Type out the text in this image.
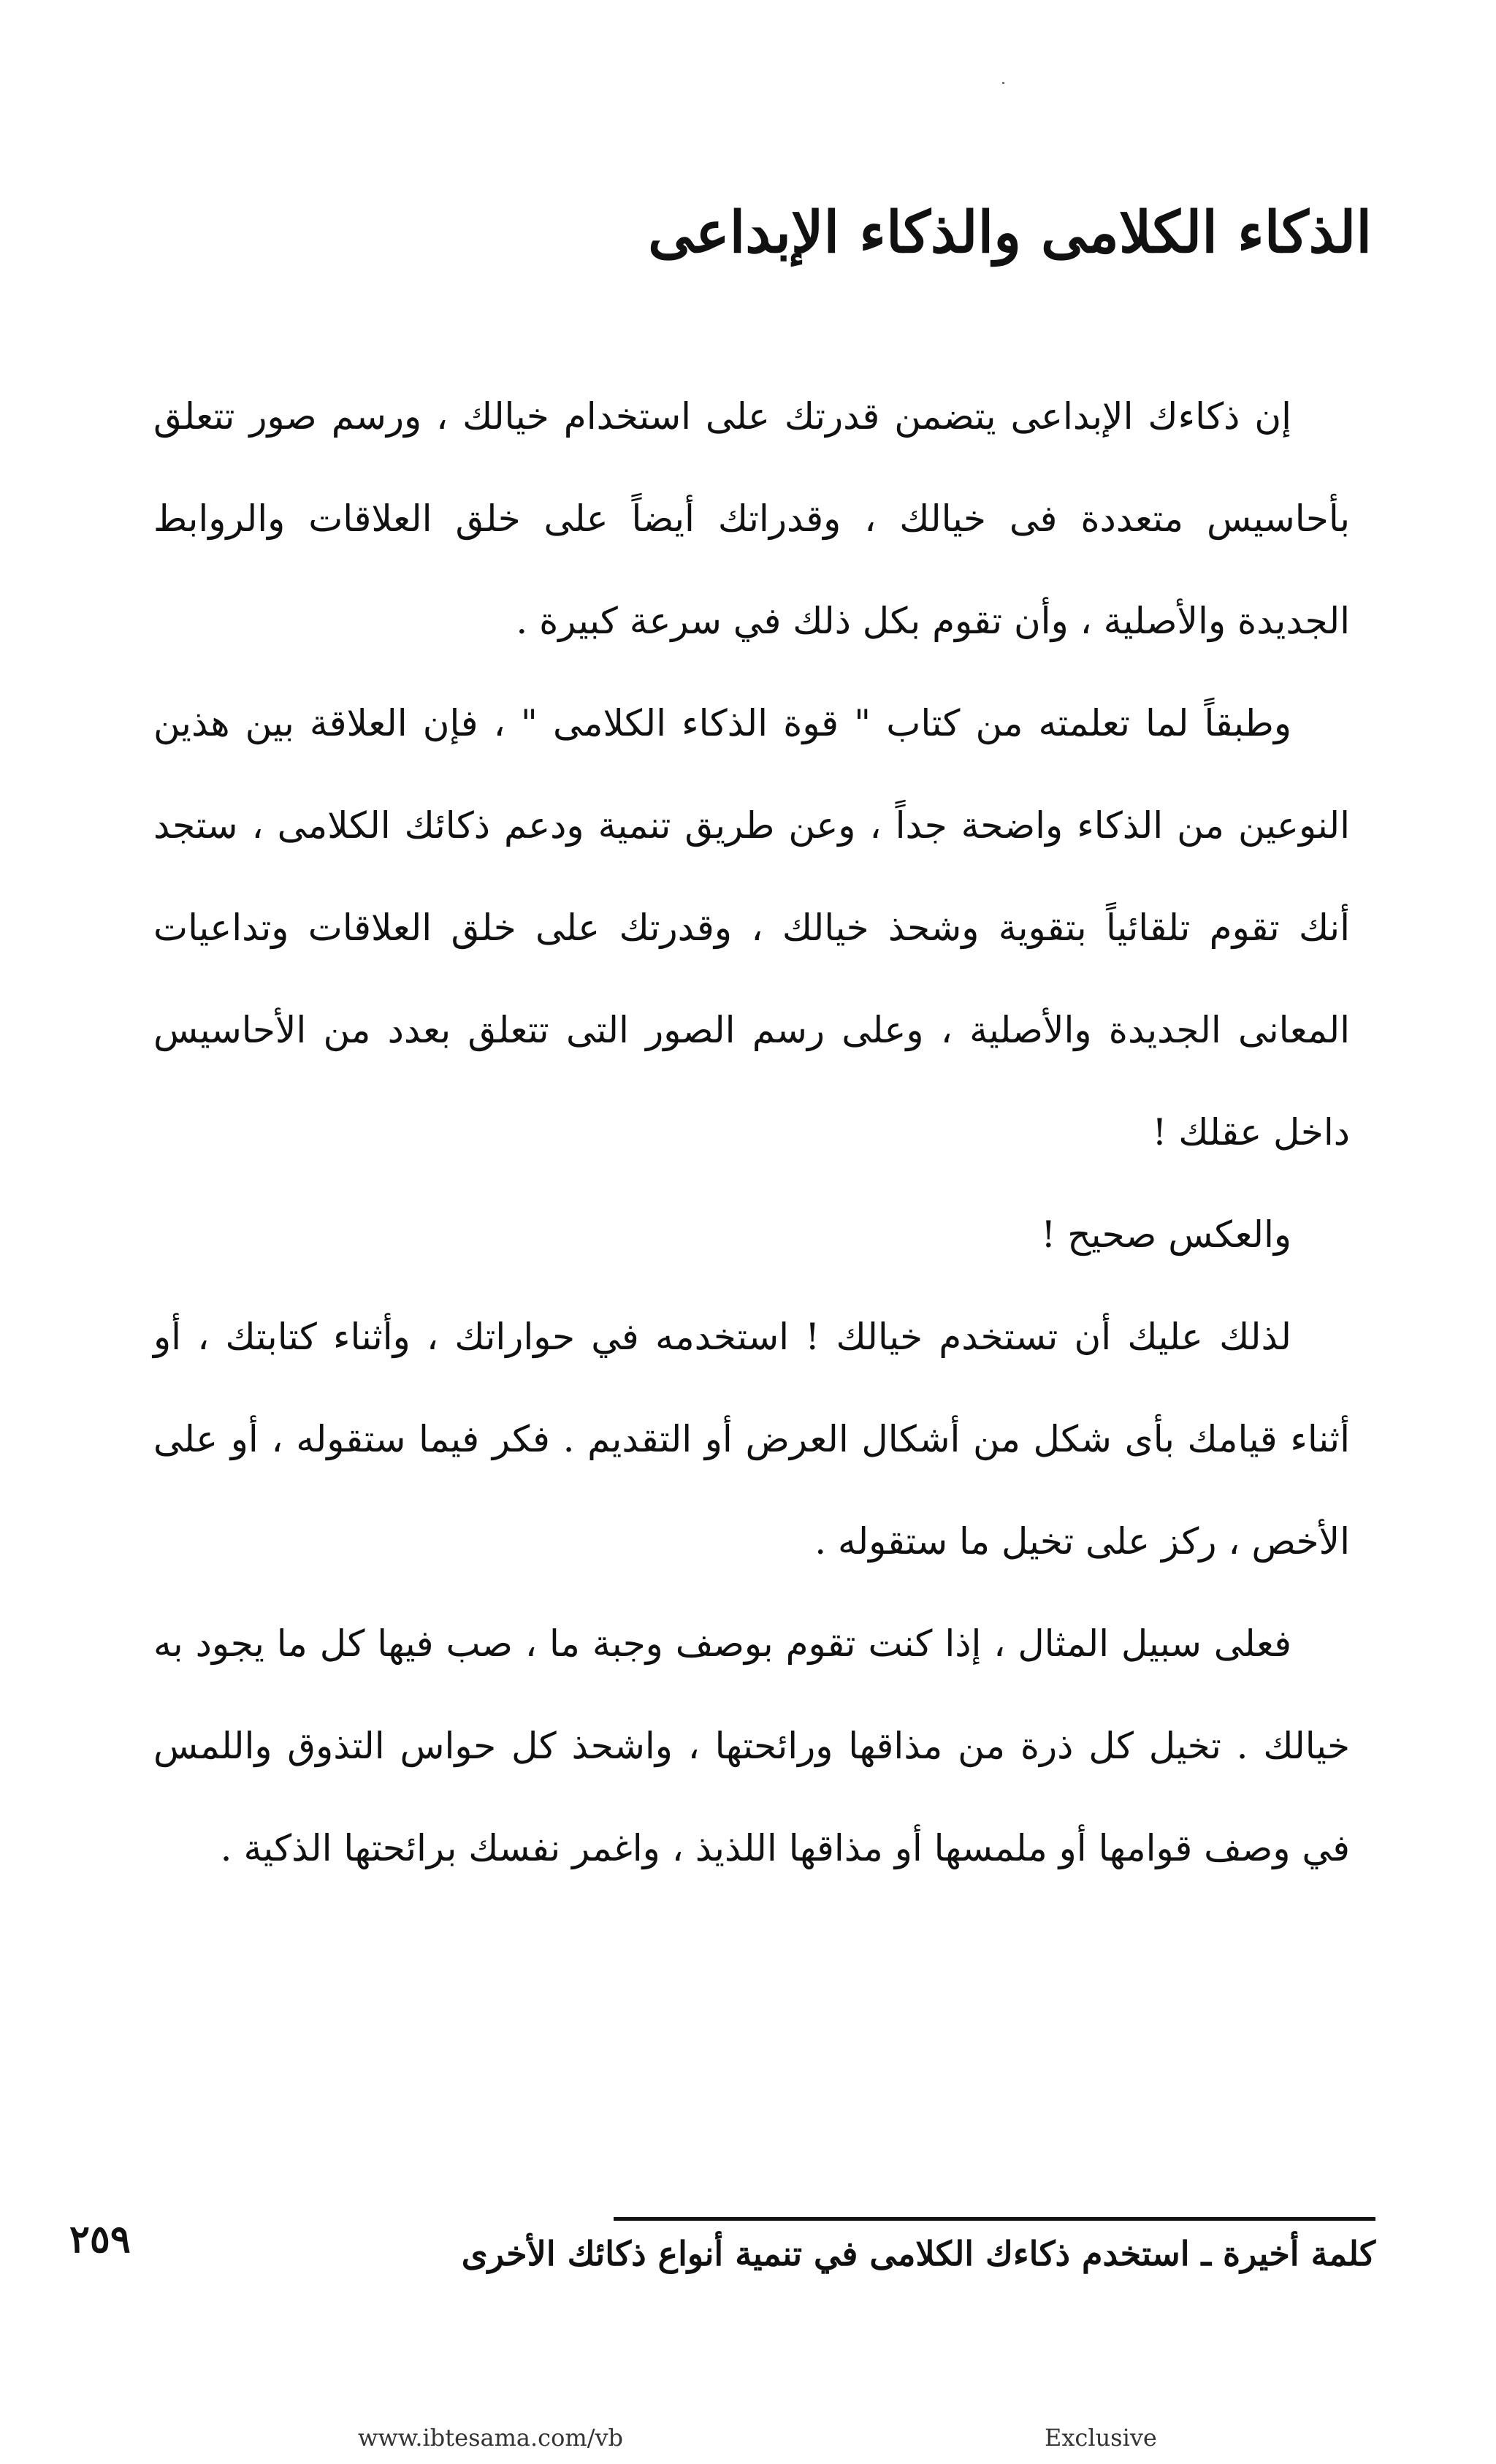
الذكاء الكلامى والذكاء الإبداعى

إن ذكاءك الإبداعى يتضمن قدرتك على استخدام خيالك ، ورسم صور تتعلق بأحاسيس متعددة فى خيالك ، وقدراتك أيضاً على خلق العلاقات والروابط الجديدة والأصلية ، وأن تقوم بكل ذلك في سرعة كبيرة .

وطبقاً لما تعلمته من كتاب " قوة الذكاء الكلامى " ، فإن العلاقة بين هذين النوعين من الذكاء واضحة جداً ، وعن طريق تنمية ودعم ذكائك الكلامى ، ستجد أنك تقوم تلقائياً بتقوية وشحذ خيالك ، وقدرتك على خلق العلاقات وتداعيات المعانى الجديدة والأصلية ، وعلى رسم الصور التى تتعلق بعدد من الأحاسيس داخل عقلك !

والعكس صحيح !

لذلك عليك أن تستخدم خيالك ! استخدمه في حواراتك ، وأثناء كتابتك ، أو أثناء قيامك بأى شكل من أشكال العرض أو التقديم . فكر فيما ستقوله ، أو على الأخص ، ركز على تخيل ما ستقوله .

فعلى سبيل المثال ، إذا كنت تقوم بوصف وجبة ما ، صب فيها كل ما يجود به خيالك . تخيل كل ذرة من مذاقها ورائحتها ، واشحذ كل حواس التذوق واللمس في وصف قوامها أو ملمسها أو مذاقها اللذيذ ، واغمر نفسك برائحتها الذكية .

كلمة أخيرة ـ استخدم ذكاءك الكلامى في تنمية أنواع ذكائك الأخرى
٢٥٩
www.ibtesama.com/vb	Exclusive
